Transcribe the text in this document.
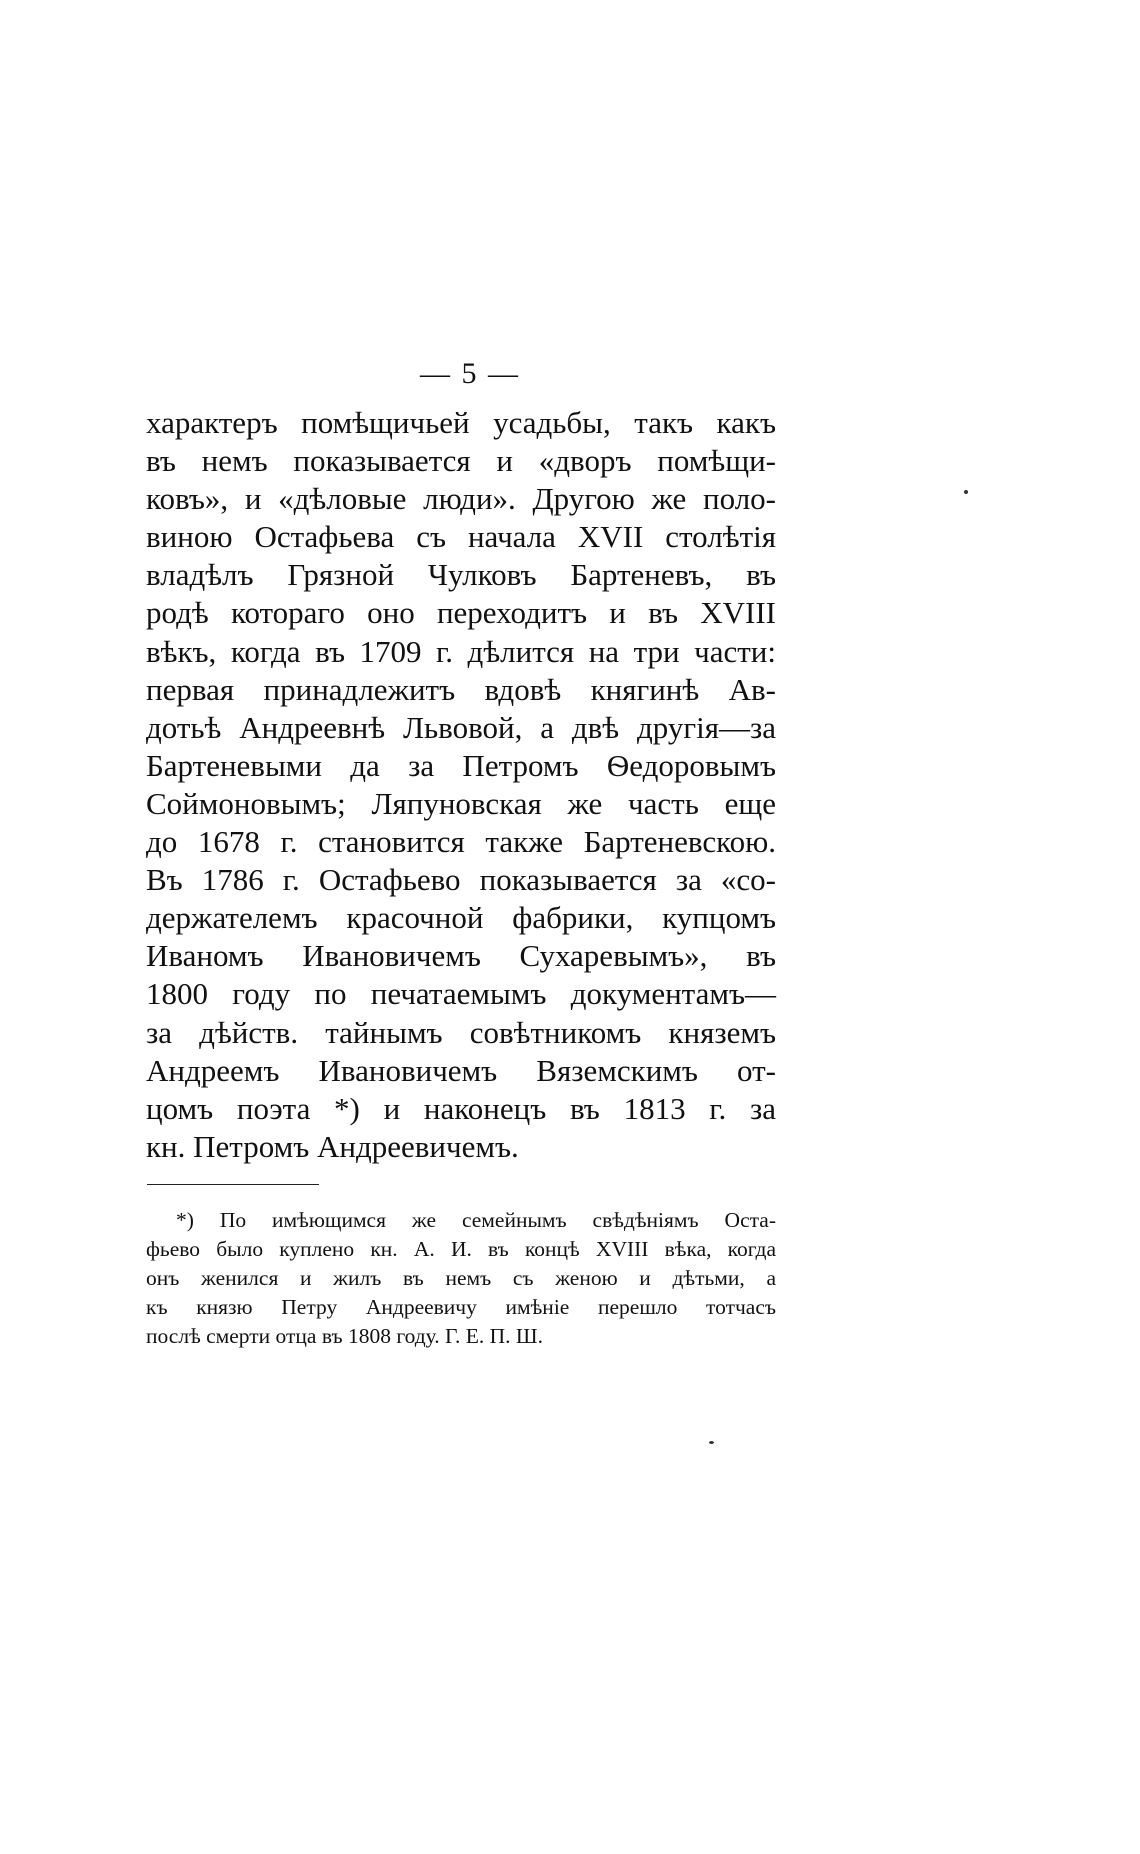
— 5 —
характеръ помѣщичьей усадьбы, такъ какъ
въ немъ показывается и «дворъ помѣщи-
ковъ», и «дѣловые люди». Другою же поло-
виною Остафьева съ начала XVII столѣтія
владѣлъ Грязной Чулковъ Бартеневъ, въ
родѣ котораго оно переходитъ и въ XVIII
вѣкъ, когда въ 1709 г. дѣлится на три части:
первая принадлежитъ вдовѣ княгинѣ Ав-
дотьѣ Андреевнѣ Львовой, а двѣ другія—за
Бартеневыми да за Петромъ Ѳедоровымъ
Соймоновымъ; Ляпуновская же часть еще
до 1678 г. становится также Бартеневскою.
Въ 1786 г. Остафьево показывается за «со-
держателемъ красочной фабрики, купцомъ
Иваномъ Ивановичемъ Сухаревымъ», въ
1800 году по печатаемымъ документамъ—
за дѣйств. тайнымъ совѣтникомъ княземъ
Андреемъ Ивановичемъ Вяземскимъ от-
цомъ поэта *) и наконецъ въ 1813 г. за
кн. Петромъ Андреевичемъ.
*) По имѣющимся же семейнымъ свѣдѣніямъ Оста-
фьево было куплено кн. А. И. въ концѣ XVIII вѣка, когда
онъ женился и жилъ въ немъ съ женою и дѣтьми, а
къ князю Петру Андреевичу имѣніе перешло тотчасъ
послѣ смерти отца въ 1808 году. Г. Е. П. Ш.
